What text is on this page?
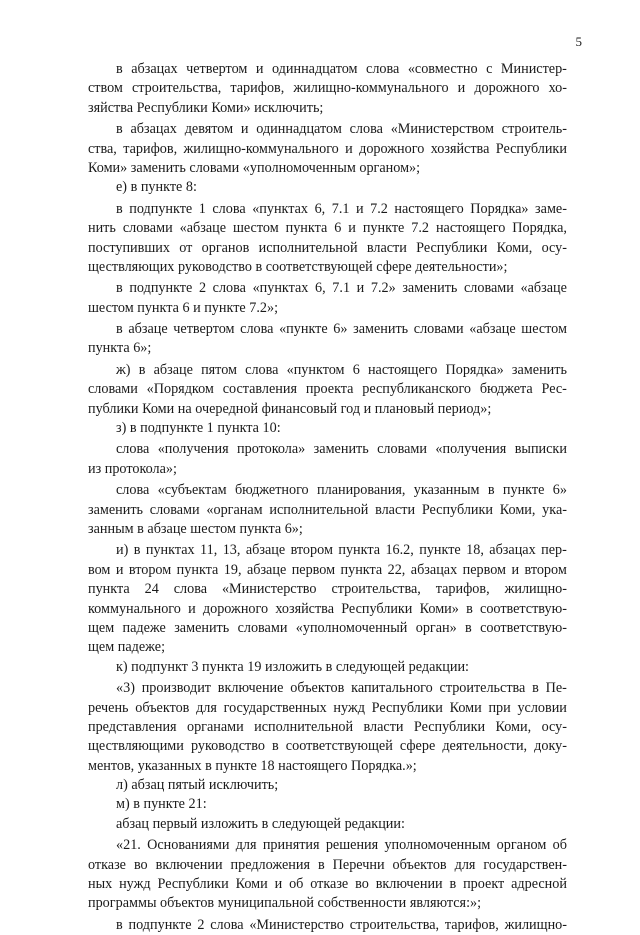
5
в абзацах четвертом и одиннадцатом слова «совместно с Министер-
ством строительства, тарифов, жилищно-коммунального и дорожного хо-
зяйства Республики Коми» исключить;
в абзацах девятом и одиннадцатом слова «Министерством строитель-
ства, тарифов, жилищно-коммунального и дорожного хозяйства Республики
Коми» заменить словами «уполномоченным органом»;
е) в пункте 8:
в подпункте 1 слова «пунктах 6, 7.1 и 7.2 настоящего Порядка» заме-
нить словами «абзаце шестом пункта 6 и пункте 7.2 настоящего Порядка,
поступивших от органов исполнительной власти Республики Коми, осу-
ществляющих руководство в соответствующей сфере деятельности»;
в подпункте 2 слова «пунктах 6, 7.1 и 7.2» заменить словами «абзаце
шестом пункта 6 и пункте 7.2»;
в абзаце четвертом слова «пункте 6» заменить словами «абзаце шестом
пункта 6»;
ж) в абзаце пятом слова «пунктом 6 настоящего Порядка» заменить
словами «Порядком составления проекта республиканского бюджета Рес-
публики Коми на очередной финансовый год и плановый период»;
з) в подпункте 1 пункта 10:
слова «получения протокола» заменить словами «получения выписки
из протокола»;
слова «субъектам бюджетного планирования, указанным в пункте 6»
заменить словами «органам исполнительной власти Республики Коми, ука-
занным в абзаце шестом пункта 6»;
и) в пунктах 11, 13, абзаце втором пункта 16.2, пункте 18, абзацах пер-
вом и втором пункта 19, абзаце первом пункта 22, абзацах первом и втором
пункта 24 слова «Министерство строительства, тарифов, жилищно-
коммунального и дорожного хозяйства Республики Коми» в соответствую-
щем падеже заменить словами «уполномоченный орган» в соответствую-
щем падеже;
к) подпункт 3 пункта 19 изложить в следующей редакции:
«3) производит включение объектов капитального строительства в Пе-
речень объектов для государственных нужд Республики Коми при условии
представления органами исполнительной власти Республики Коми, осу-
ществляющими руководство в соответствующей сфере деятельности, доку-
ментов, указанных в пункте 18 настоящего Порядка.»;
л) абзац пятый исключить;
м) в пункте 21:
абзац первый изложить в следующей редакции:
«21. Основаниями для принятия решения уполномоченным органом об
отказе во включении предложения в Перечни объектов для государствен-
ных нужд Республики Коми и об отказе во включении в проект адресной
программы объектов муниципальной собственности являются:»;
в подпункте 2 слова «Министерство строительства, тарифов, жилищно-
